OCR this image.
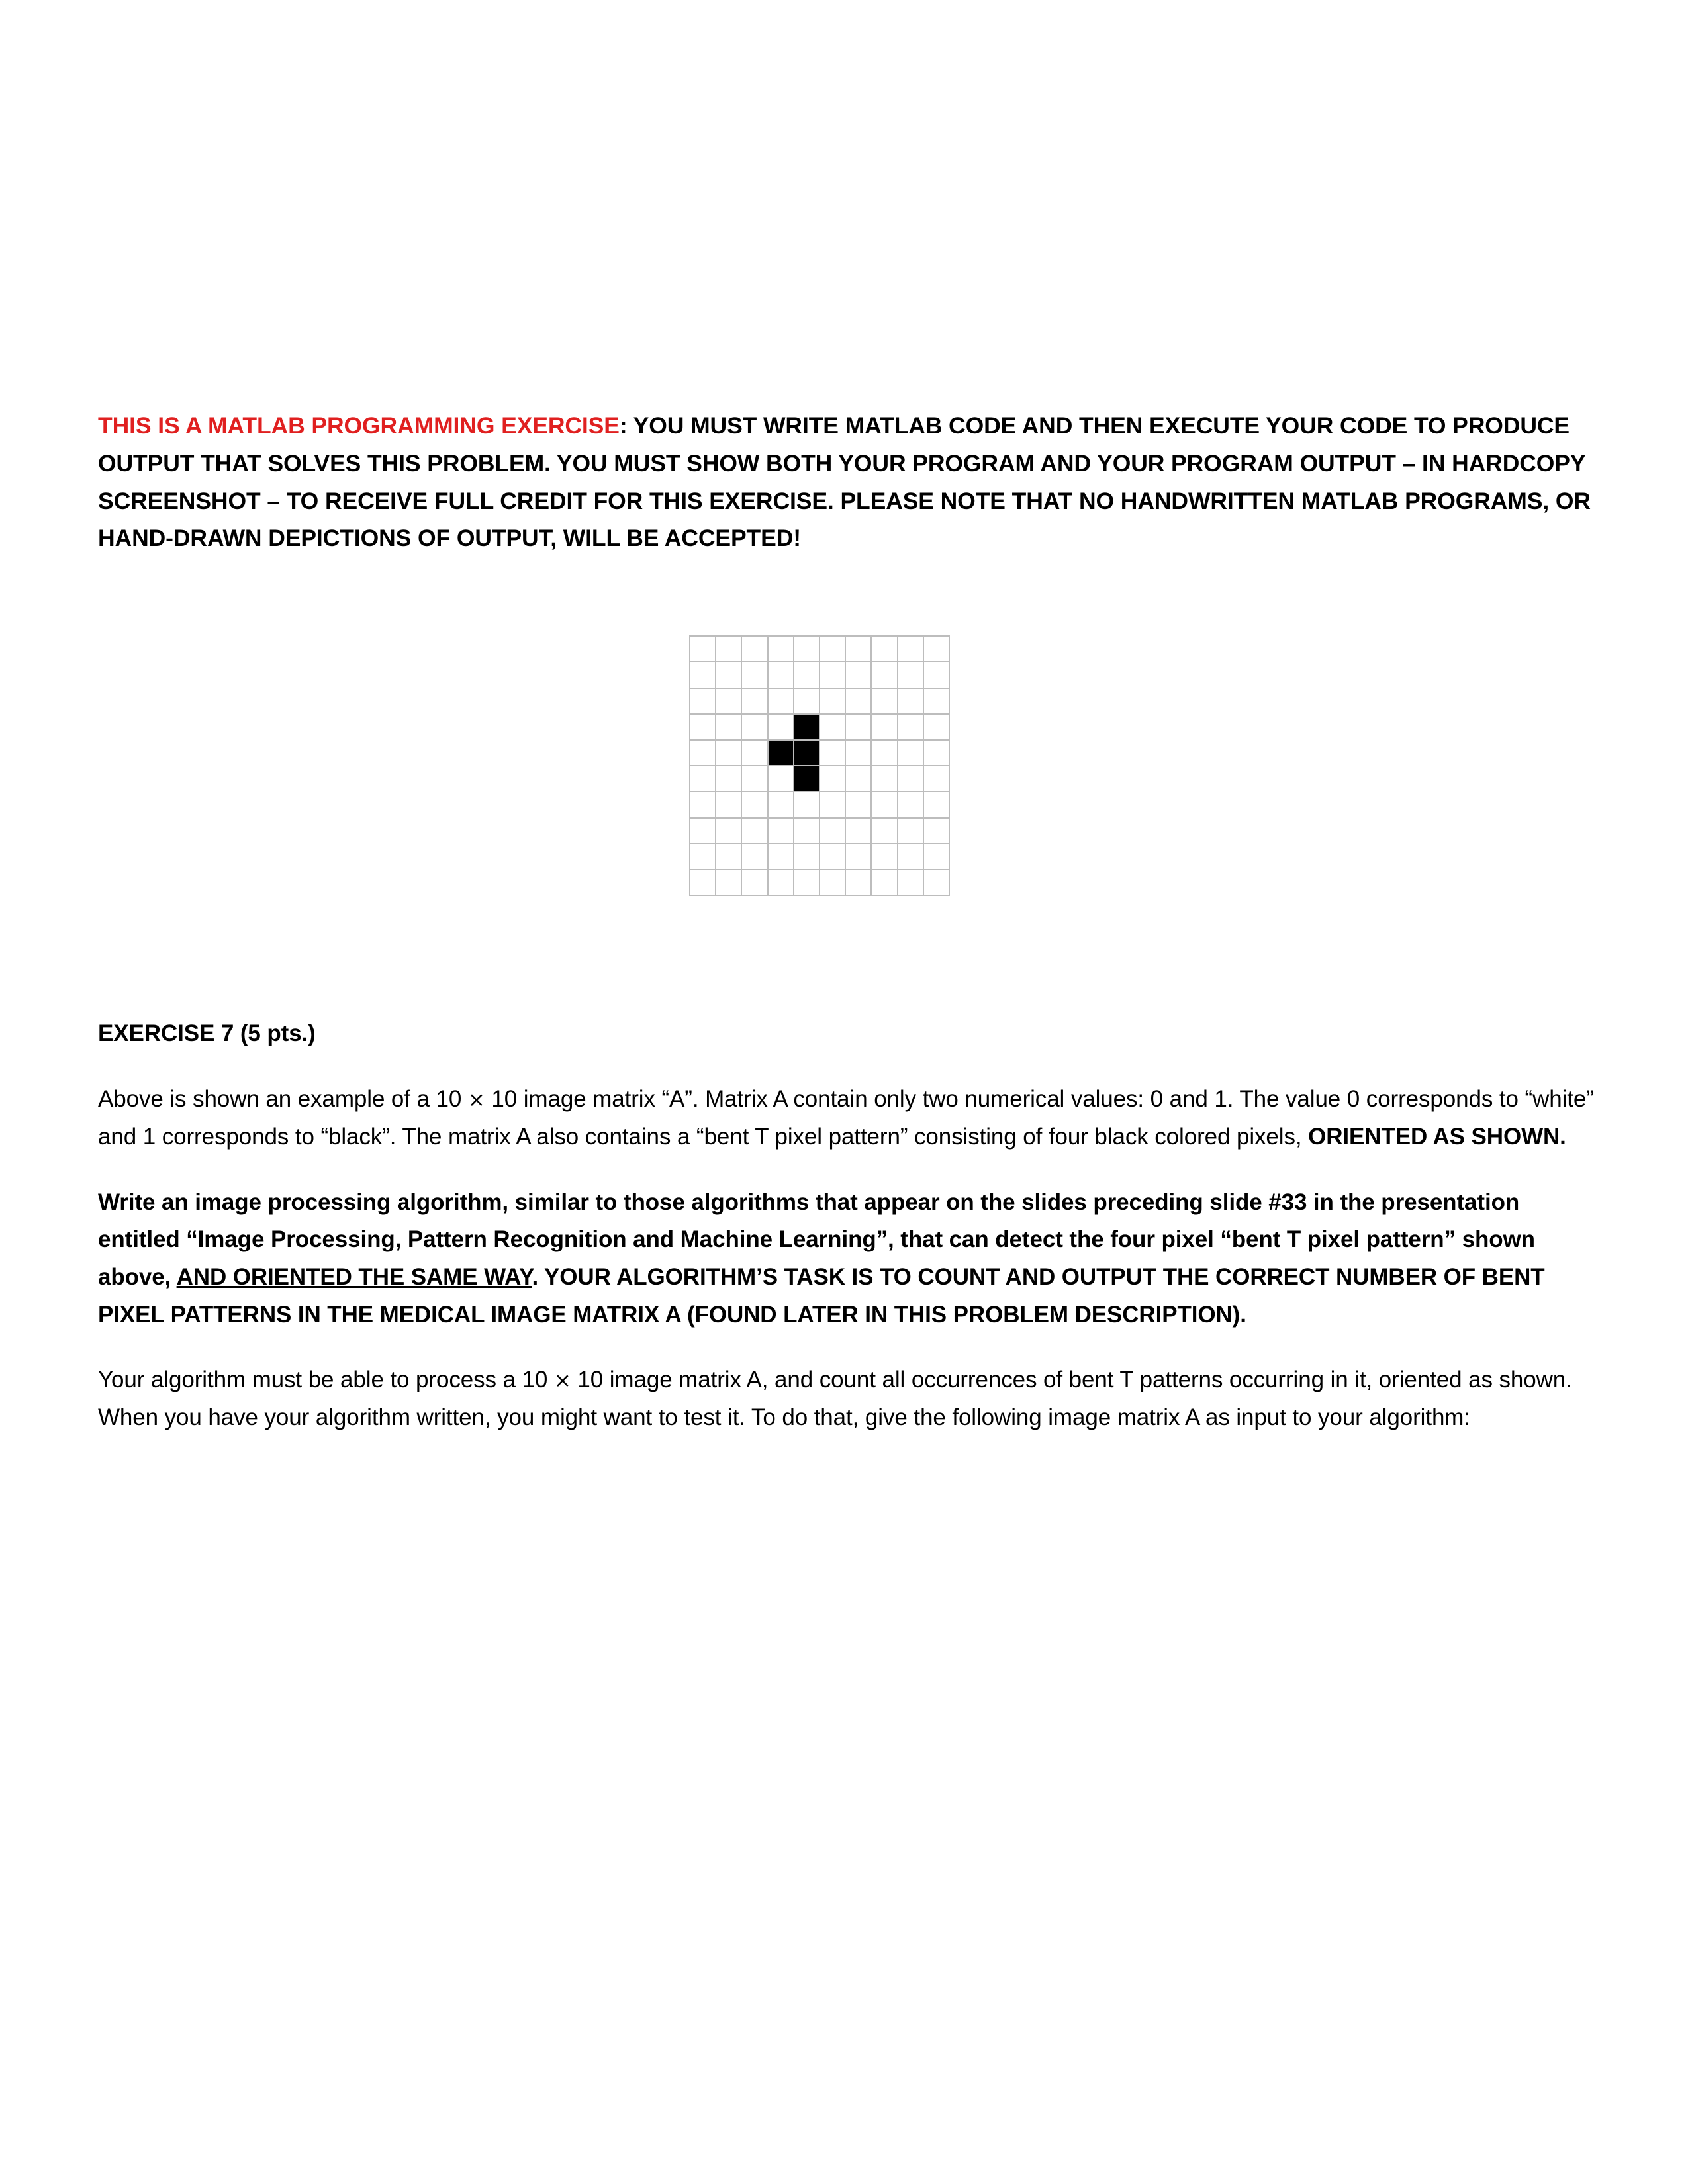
THIS IS A MATLAB PROGRAMMING EXERCISE: YOU MUST WRITE MATLAB CODE AND THEN EXECUTE YOUR CODE TO PRODUCE OUTPUT THAT SOLVES THIS PROBLEM. YOU MUST SHOW BOTH YOUR PROGRAM AND YOUR PROGRAM OUTPUT – IN HARDCOPY SCREENSHOT – TO RECEIVE FULL CREDIT FOR THIS EXERCISE. PLEASE NOTE THAT NO HANDWRITTEN MATLAB PROGRAMS, OR HAND-DRAWN DEPICTIONS OF OUTPUT, WILL BE ACCEPTED!

EXERCISE 7 (5 pts.)

Above is shown an example of a 10 × 10 image matrix “A”. Matrix A contain only two numerical values: 0 and 1. The value 0 corresponds to “white” and 1 corresponds to “black”. The matrix A also contains a “bent T pixel pattern” consisting of four black colored pixels, ORIENTED AS SHOWN.

Write an image processing algorithm, similar to those algorithms that appear on the slides preceding slide #33 in the presentation entitled “Image Processing, Pattern Recognition and Machine Learning”, that can detect the four pixel “bent T pixel pattern” shown above, AND ORIENTED THE SAME WAY. YOUR ALGORITHM’S TASK IS TO COUNT AND OUTPUT THE CORRECT NUMBER OF BENT PIXEL PATTERNS IN THE MEDICAL IMAGE MATRIX A (FOUND LATER IN THIS PROBLEM DESCRIPTION).

Your algorithm must be able to process a 10 × 10 image matrix A, and count all occurrences of bent T patterns occurring in it, oriented as shown. When you have your algorithm written, you might want to test it. To do that, give the following image matrix A as input to your algorithm:
